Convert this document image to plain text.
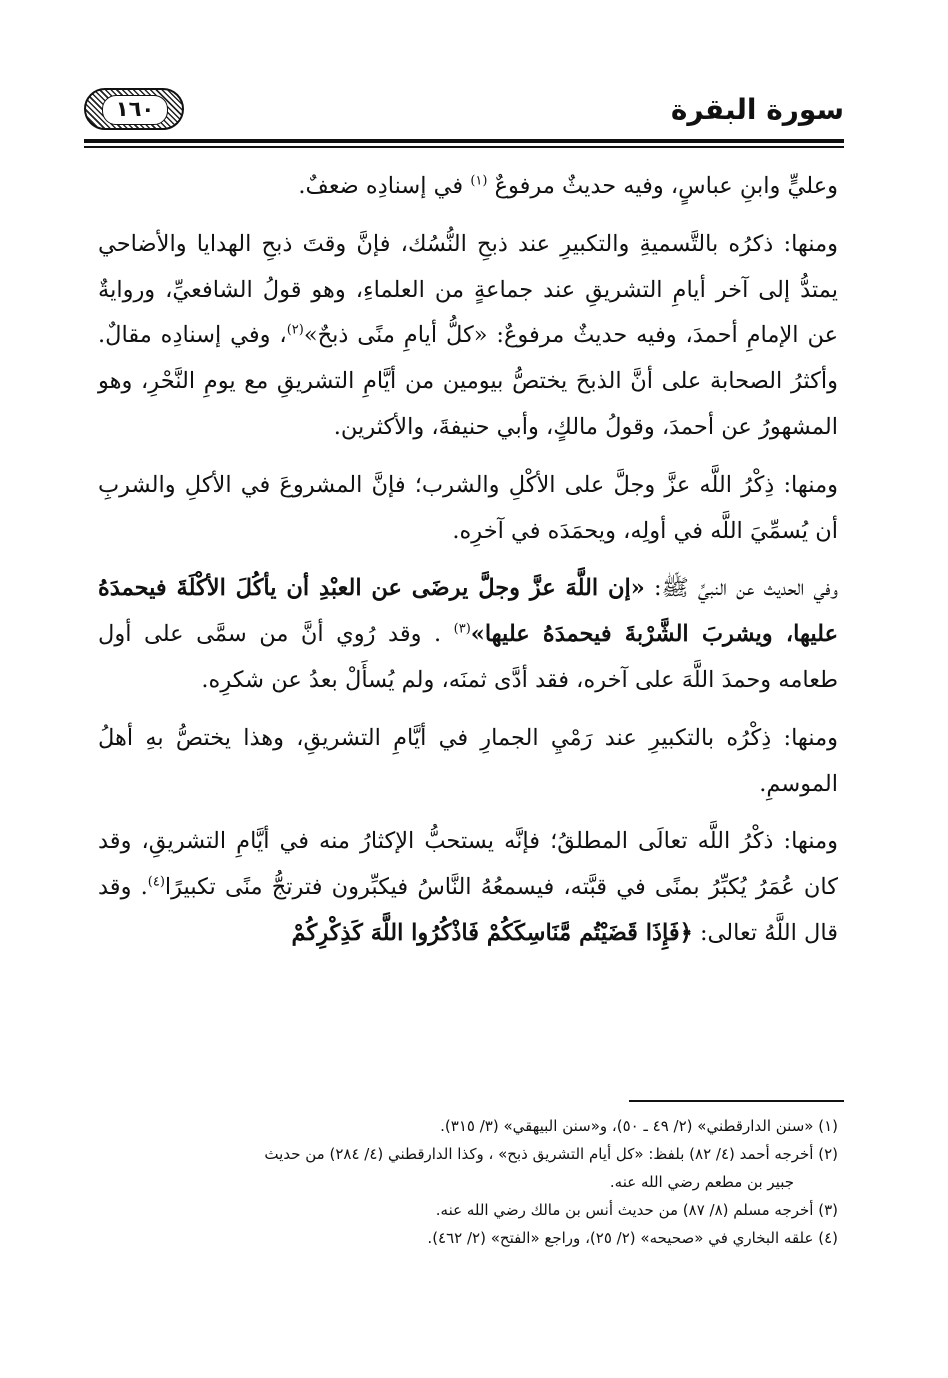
سورة البقرة
١٦٠

وعليٍّ وابنِ عباسٍ، وفيه حديثٌ مرفوعٌ $^{(١)}$ في إسنادِه ضعفٌ.

ومنها: ذكرُه بالتَّسميةِ والتكبيرِ عند ذبحِ النُّسُك، فإنَّ وقتَ ذبحِ الهدايا والأضاحي يمتدُّ إلى آخر أيامِ التشريقِ عند جماعةٍ من العلماءِ، وهو قولُ الشافعيِّ، وروايةٌ عن الإمامِ أحمدَ، وفيه حديثٌ مرفوعٌ: «كلُّ أيامِ منًى ذبحٌ»$^{(٢)}$، وفي إسنادِه مقالٌ. وأكثرُ الصحابة على أنَّ الذبحَ يختصُّ بيومين من أيَّامِ التشريقِ مع يومِ النَّحْرِ، وهو المشهورُ عن أحمدَ، وقولُ مالكٍ، وأبي حنيفةَ، والأكثرين.

ومنها: ذِكْرُ اللَّه عزَّ وجلَّ على الأكْلِ والشرب؛ فإنَّ المشروعَ في الأكلِ والشربِ أن يُسمِّيَ اللَّه في أولِه، ويحمَدَه في آخرِه.

وفي الحديث عن النبيِّ ﷺ: «إن اللَّهَ عزَّ وجلَّ يرضَى عن العبْدِ أن يأكُلَ الأكْلَةَ فيحمدَهُ عليها، ويشربَ الشَّرْبةَ فيحمدَهُ عليها»$^{(٣)}$ . وقد رُوي أنَّ من سمَّى على أول طعامه وحمدَ اللَّهَ على آخره، فقد أدَّى ثمنَه، ولم يُسأَلْ بعدُ عن شكرِه.

ومنها: ذِكْرُه بالتكبيرِ عند رَمْيِ الجمارِ في أيَّامِ التشريقِ، وهذا يختصُّ بهِ أهلُ الموسمِ.

ومنها: ذكْرُ اللَّه تعالَى المطلقُ؛ فإنَّه يستحبُّ الإكثارُ منه في أيَّامِ التشريقِ، وقد كان عُمَرُ يُكبِّرُ بمنًى في قبَّته، فيسمعُهُ النَّاسُ فيكبِّرون فترتجُّ منًى تكبيرًا$^{(٤)}$. وقد قال اللَّهُ تعالى: ﴿فَإِذَا قَضَيْتُم مَّنَاسِكَكُمْ فَاذْكُرُوا اللَّهَ كَذِكْرِكُمْ

(١) «سنن الدارقطني» (٢/ ٤٩ ـ ٥٠)، و«سنن البيهقي» (٣/ ٣١٥).
(٢) أخرجه أحمد (٤/ ٨٢) بلفظ: «كل أيام التشريق ذبح» ، وكذا الدارقطني (٤/ ٢٨٤) من حديث
جبير بن مطعم رضي الله عنه.
(٣) أخرجه مسلم (٨/ ٨٧) من حديث أنس بن مالك رضي الله عنه.
(٤) علقه البخاري في «صحيحه» (٢/ ٢٥)، وراجع «الفتح» (٢/ ٤٦٢).
